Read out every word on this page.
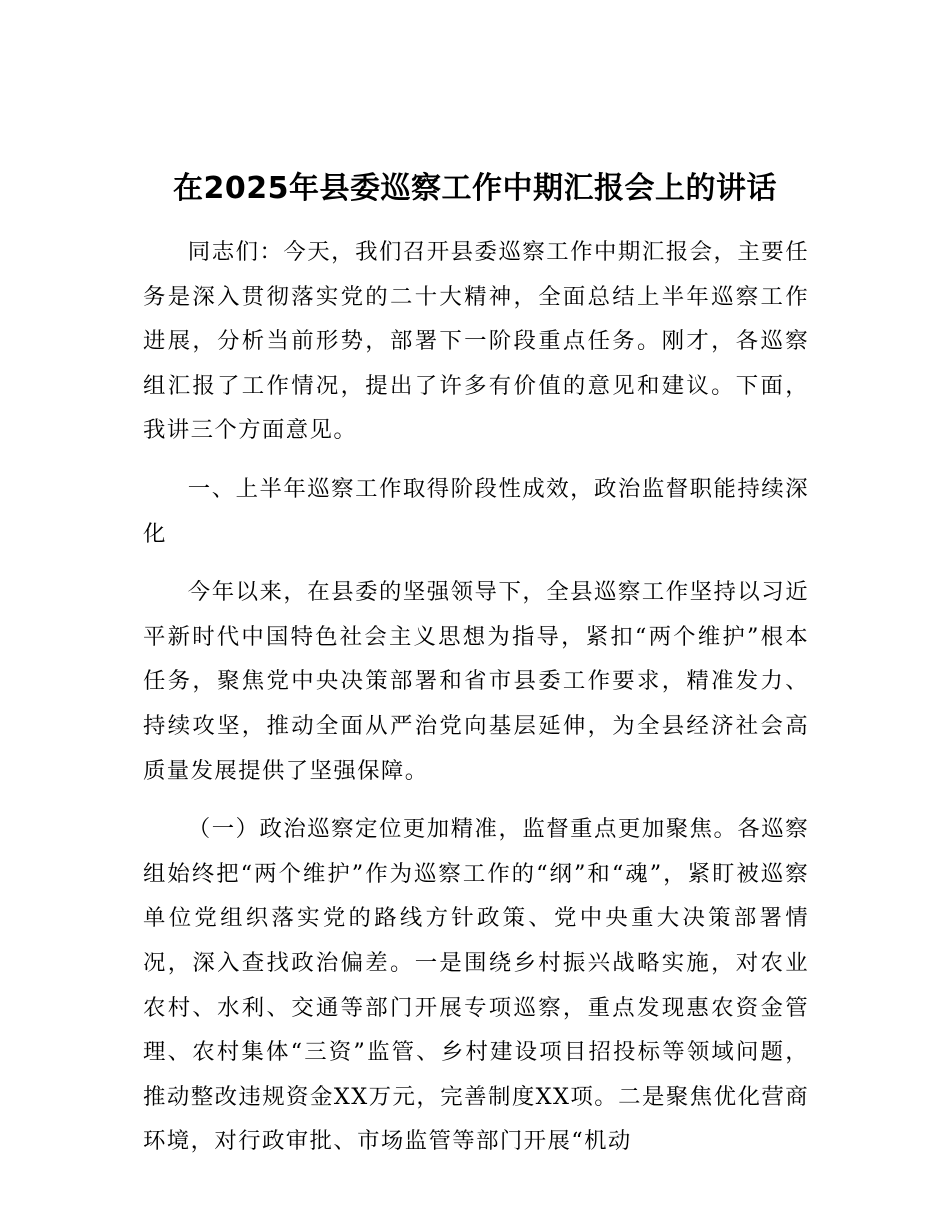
在2025年县委巡察工作中期汇报会上的讲话

同志们：今天，我们召开县委巡察工作中期汇报会，主要任务是深入贯彻落实党的二十大精神，全面总结上半年巡察工作进展，分析当前形势，部署下一阶段重点任务。刚才，各巡察组汇报了工作情况，提出了许多有价值的意见和建议。下面，我讲三个方面意见。

一、上半年巡察工作取得阶段性成效，政治监督职能持续深化

今年以来，在县委的坚强领导下，全县巡察工作坚持以习近平新时代中国特色社会主义思想为指导，紧扣“两个维护”根本任务，聚焦党中央决策部署和省市县委工作要求，精准发力、持续攻坚，推动全面从严治党向基层延伸，为全县经济社会高质量发展提供了坚强保障。

（一）政治巡察定位更加精准，监督重点更加聚焦。各巡察组始终把“两个维护”作为巡察工作的“纲”和“魂”，紧盯被巡察单位党组织落实党的路线方针政策、党中央重大决策部署情况，深入查找政治偏差。一是围绕乡村振兴战略实施，对农业农村、水利、交通等部门开展专项巡察，重点发现惠农资金管理、农村集体“三资”监管、乡村建设项目招投标等领域问题，推动整改违规资金XX万元，完善制度XX项。二是聚焦优化营商环境，对行政审批、市场监管等部门开展“机动
